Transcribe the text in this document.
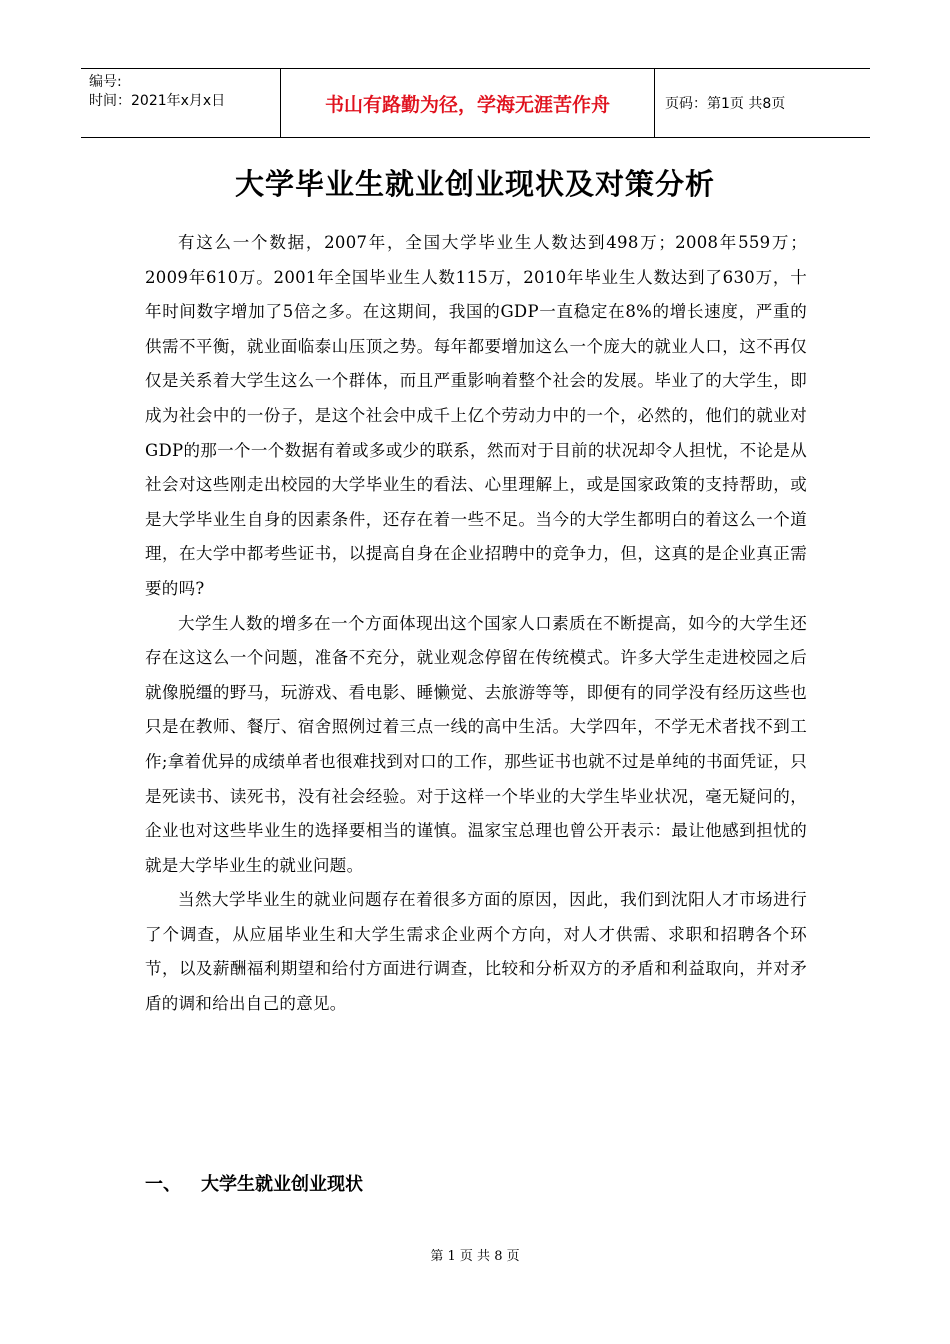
编号:
时间：2021年x月x日	书山有路勤为径，学海无涯苦作舟	页码：第1页 共8页
大学毕业生就业创业现状及对策分析

有这么一个数据，2007年，全国大学毕业生人数达到498万；2008年559万；2009年610万。2001年全国毕业生人数115万，2010年毕业生人数达到了630万，十年时间数字增加了5倍之多。在这期间，我国的GDP一直稳定在8%的增长速度，严重的供需不平衡，就业面临泰山压顶之势。每年都要增加这么一个庞大的就业人口，这不再仅仅是关系着大学生这么一个群体，而且严重影响着整个社会的发展。毕业了的大学生，即成为社会中的一份子，是这个社会中成千上亿个劳动力中的一个，必然的，他们的就业对GDP的那一个一个数据有着或多或少的联系，然而对于目前的状况却令人担忧，不论是从社会对这些刚走出校园的大学毕业生的看法、心里理解上，或是国家政策的支持帮助，或是大学毕业生自身的因素条件，还存在着一些不足。当今的大学生都明白的着这么一个道理，在大学中都考些证书，以提高自身在企业招聘中的竞争力，但，这真的是企业真正需要的吗?

大学生人数的增多在一个方面体现出这个国家人口素质在不断提高，如今的大学生还存在这这么一个问题，准备不充分，就业观念停留在传统模式。许多大学生走进校园之后就像脱缰的野马，玩游戏、看电影、睡懒觉、去旅游等等，即便有的同学没有经历这些也只是在教师、餐厅、宿舍照例过着三点一线的高中生活。大学四年，不学无术者找不到工作;拿着优异的成绩单者也很难找到对口的工作，那些证书也就不过是单纯的书面凭证，只是死读书、读死书，没有社会经验。对于这样一个毕业的大学生毕业状况，毫无疑问的，企业也对这些毕业生的选择要相当的谨慎。温家宝总理也曾公开表示：最让他感到担忧的就是大学毕业生的就业问题。

当然大学毕业生的就业问题存在着很多方面的原因，因此，我们到沈阳人才市场进行了个调查，从应届毕业生和大学生需求企业两个方向，对人才供需、求职和招聘各个环节，以及薪酬福利期望和给付方面进行调查，比较和分析双方的矛盾和利益取向，并对矛盾的调和给出自己的意见。

一、 大学生就业创业现状
第 1 页 共 8 页
